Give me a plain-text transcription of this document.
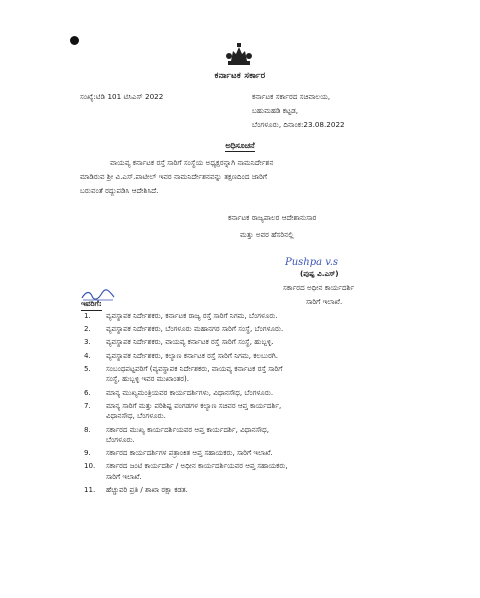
ಕರ್ನಾಟಕ ಸರ್ಕಾರ
ಸಂಖ್ಯೆ:ಟಿಡಿ 101 ಟಿಸಿಎಸ್ 2022	ಕರ್ನಾಟಕ ಸರ್ಕಾರದ ಸಚಿವಾಲಯ,
ಬಹುಮಹಡಿ ಕಟ್ಟಡ,
ಬೆಂಗಳೂರು, ದಿನಾಂಕ:23.08.2022
ಅಧಿಸೂಚನೆ
ವಾಯವ್ಯ ಕರ್ನಾಟಕ ರಸ್ತೆ ಸಾರಿಗೆ ಸಂಸ್ಥೆಯ ಅಧ್ಯಕ್ಷರನ್ನಾಗಿ ನಾಮನಿರ್ದೇಶನ
ಮಾಡಿರುವ ಶ್ರೀ ವಿ.ಎಸ್.ಪಾಟೀಲ್ ಇವರ ನಾಮನಿರ್ದೇಶನವನ್ನು ತಕ್ಷಣದಿಂದ ಜಾರಿಗೆ
ಬರುವಂತೆ ರದ್ದುಪಡಿಸಿ ಆದೇಶಿಸಿದೆ.
ಕರ್ನಾಟಕ ರಾಜ್ಯಪಾಲರ ಆದೇಶಾನುಸಾರ
ಮತ್ತು ಅವರ ಹೆಸರಿನಲ್ಲಿ
Pushpa v.s
(ಪುಷ್ಪ ವಿ.ಎಸ್)
ಸರ್ಕಾರದ ಅಧೀನ ಕಾರ್ಯದರ್ಶಿ
ಸಾರಿಗೆ ಇಲಾಖೆ.
ಇವರಿಗೆ:
1.	ವ್ಯವಸ್ಥಾಪಕ ನಿರ್ದೇಶಕರು, ಕರ್ನಾಟಕ ರಾಜ್ಯ ರಸ್ತೆ ಸಾರಿಗೆ ನಿಗಮ, ಬೆಂಗಳೂರು.
2.	ವ್ಯವಸ್ಥಾಪಕ ನಿರ್ದೇಶಕರು, ಬೆಂಗಳೂರು ಮಹಾನಗರ ಸಾರಿಗೆ ಸಂಸ್ಥೆ, ಬೆಂಗಳೂರು.
3.	ವ್ಯವಸ್ಥಾಪಕ ನಿರ್ದೇಶಕರು, ವಾಯವ್ಯ ಕರ್ನಾಟಕ ರಸ್ತೆ ಸಾರಿಗೆ ಸಂಸ್ಥೆ, ಹುಬ್ಬಳ್ಳಿ.
4.	ವ್ಯವಸ್ಥಾಪಕ ನಿರ್ದೇಶಕರು, ಕಲ್ಯಾಣ ಕರ್ನಾಟಕ ರಸ್ತೆ ಸಾರಿಗೆ ನಿಗಮ, ಕಲಬುರಗಿ.
5.	ಸಂಬಂಧಪಟ್ಟವರಿಗೆ (ವ್ಯವಸ್ಥಾಪಕ ನಿರ್ದೇಶಕರು, ವಾಯವ್ಯ ಕರ್ನಾಟಕ ರಸ್ತೆ ಸಾರಿಗೆ
ಸಂಸ್ಥೆ, ಹುಬ್ಬಳ್ಳಿ ಇವರ ಮುಖಾಂತರ).
6.	ಮಾನ್ಯ ಮುಖ್ಯಮಂತ್ರಿಯವರ ಕಾರ್ಯದರ್ಶಿಗಳು, ವಿಧಾನಸೌಧ, ಬೆಂಗಳೂರು.
7.	ಮಾನ್ಯ ಸಾರಿಗೆ ಮತ್ತು ಪರಿಶಿಷ್ಟ ಪಂಗಡಗಳ ಕಲ್ಯಾಣ ಸಚಿವರ ಆಪ್ತ ಕಾರ್ಯದರ್ಶಿ,
ವಿಧಾನಸೌಧ, ಬೆಂಗಳೂರು.
8.	ಸರ್ಕಾರದ ಮುಖ್ಯ ಕಾರ್ಯದರ್ಶಿಯವರ ಆಪ್ತ ಕಾರ್ಯದರ್ಶಿ, ವಿಧಾನಸೌಧ,
ಬೆಂಗಳೂರು.
9.	ಸರ್ಕಾರದ ಕಾರ್ಯದರ್ಶಿಗಳ ಪತ್ರಾಂಕಿತ ಆಪ್ತ ಸಹಾಯಕರು, ಸಾರಿಗೆ ಇಲಾಖೆ.
10.	ಸರ್ಕಾರದ ಜಂಟಿ ಕಾರ್ಯದರ್ಶಿ / ಅಧೀನ ಕಾರ್ಯದರ್ಶಿಯವರ ಆಪ್ತ ಸಹಾಯಕರು,
ಸಾರಿಗೆ ಇಲಾಖೆ.
11.	ಹೆಚ್ಚುವರಿ ಪ್ರತಿ / ಶಾಖಾ ರಕ್ಷಾ ಕಡತ.
